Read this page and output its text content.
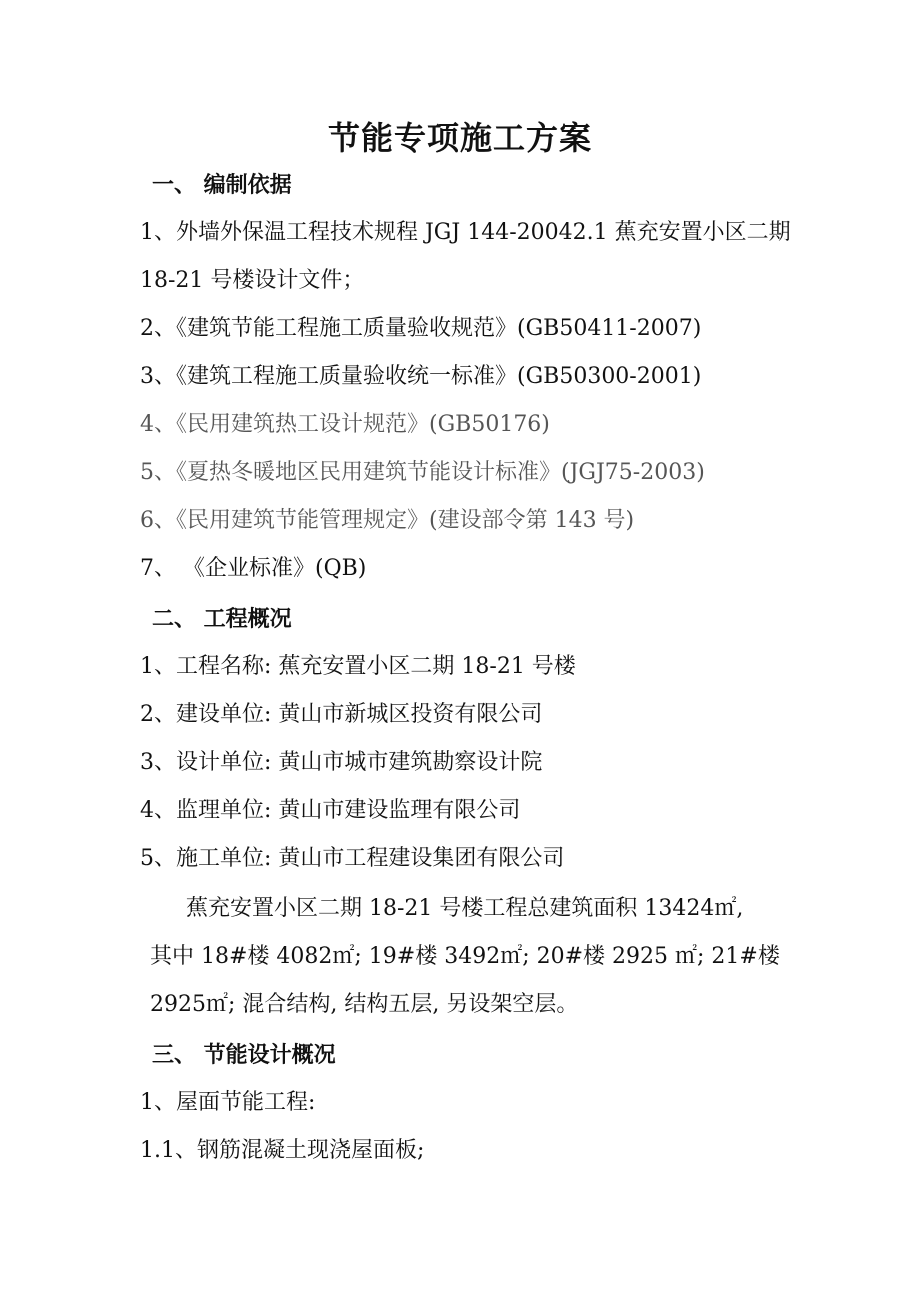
节能专项施工方案
一、 编制依据
1、外墙外保温工程技术规程 JGJ 144-20042.1 蕉充安置小区二期
18-21 号楼设计文件；
2、《建筑节能工程施工质量验收规范》(GB50411-2007)
3、《建筑工程施工质量验收统一标准》(GB50300-2001)
4、《民用建筑热工设计规范》(GB50176)
5、《夏热冬暖地区民用建筑节能设计标准》(JGJ75-2003)
6、《民用建筑节能管理规定》(建设部令第 143 号)
7、 《企业标准》(QB)
二、 工程概况
1、工程名称: 蕉充安置小区二期 18-21 号楼
2、建设单位: 黄山市新城区投资有限公司
3、设计单位: 黄山市城市建筑勘察设计院
4、监理单位: 黄山市建设监理有限公司
5、施工单位: 黄山市工程建设集团有限公司
蕉充安置小区二期 18-21 号楼工程总建筑面积 13424㎡,
其中 18#楼 4082㎡; 19#楼 3492㎡; 20#楼 2925 ㎡; 21#楼
2925㎡; 混合结构, 结构五层, 另设架空层。
三、 节能设计概况
1、屋面节能工程:
1.1、钢筋混凝土现浇屋面板;
